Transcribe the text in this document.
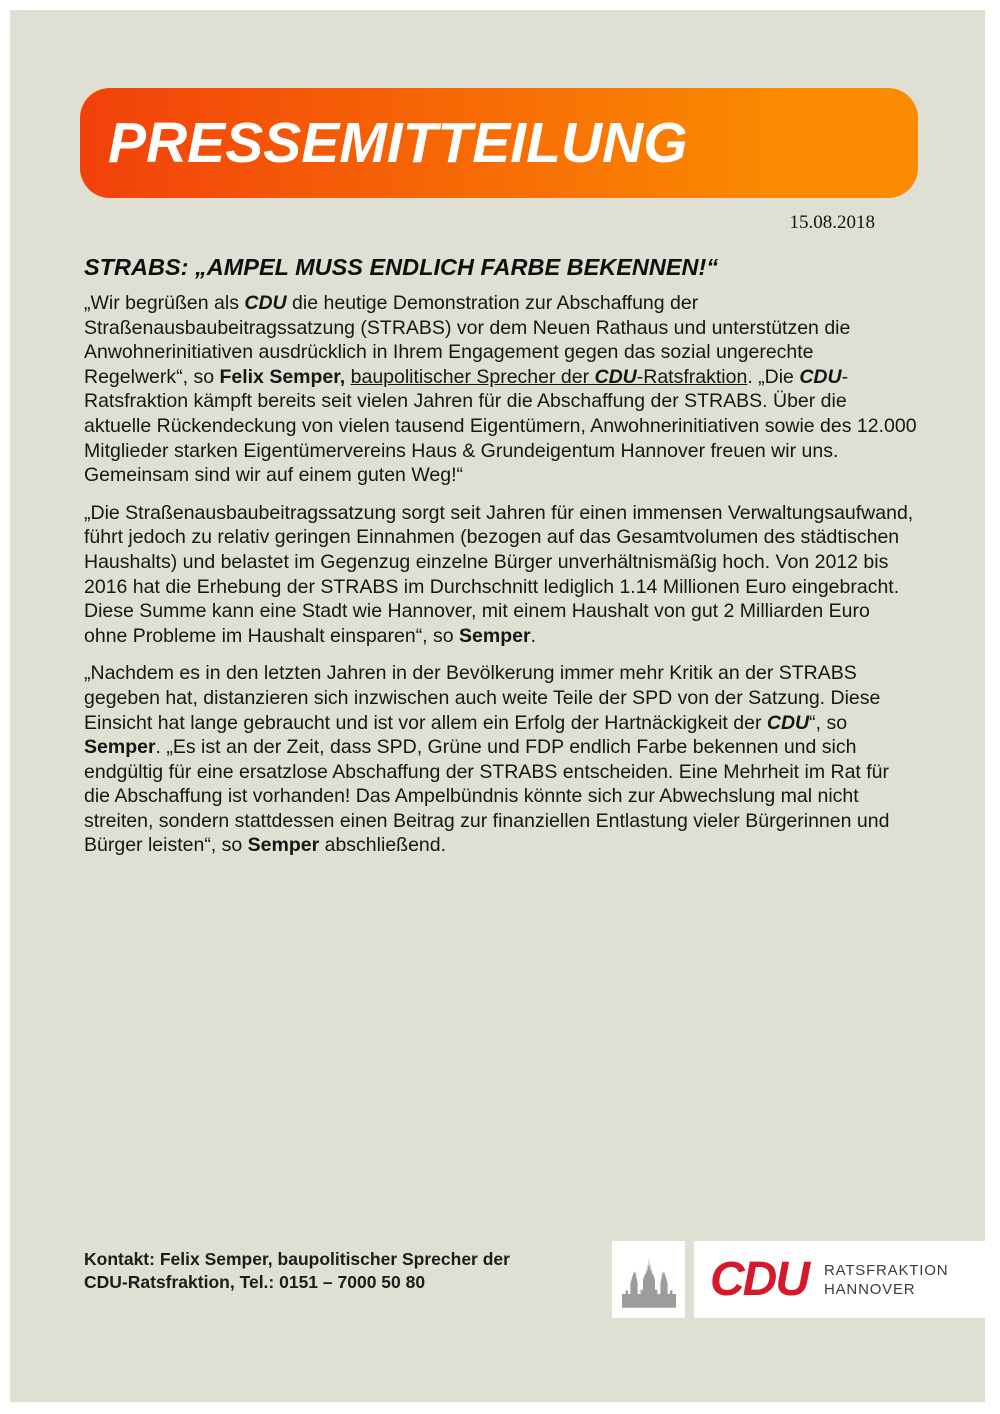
PRESSEMITTEILUNG
15.08.2018
STRABS: „AMPEL MUSS ENDLICH FARBE BEKENNEN!“

„Wir begrüßen als CDU die heutige Demonstration zur Abschaffung der Straßenausbaubeitragssatzung (STRABS) vor dem Neuen Rathaus und unterstützen die Anwohnerinitiativen ausdrücklich in Ihrem Engagement gegen das sozial ungerechte Regelwerk“, so Felix Semper, baupolitischer Sprecher der CDU-Ratsfraktion. „Die CDU-Ratsfraktion kämpft bereits seit vielen Jahren für die Abschaffung der STRABS. Über die aktuelle Rückendeckung von vielen tausend Eigentümern, Anwohnerinitiativen sowie des 12.000 Mitglieder starken Eigentümervereins Haus & Grundeigentum Hannover freuen wir uns. Gemeinsam sind wir auf einem guten Weg!“

„Die Straßenausbaubeitragssatzung sorgt seit Jahren für einen immensen Verwaltungsaufwand, führt jedoch zu relativ geringen Einnahmen (bezogen auf das Gesamtvolumen des städtischen Haushalts) und belastet im Gegenzug einzelne Bürger unverhältnismäßig hoch. Von 2012 bis 2016 hat die Erhebung der STRABS im Durchschnitt lediglich 1.14 Millionen Euro eingebracht. Diese Summe kann eine Stadt wie Hannover, mit einem Haushalt von gut 2 Milliarden Euro ohne Probleme im Haushalt einsparen“, so Semper.

„Nachdem es in den letzten Jahren in der Bevölkerung immer mehr Kritik an der STRABS gegeben hat, distanzieren sich inzwischen auch weite Teile der SPD von der Satzung. Diese Einsicht hat lange gebraucht und ist vor allem ein Erfolg der Hartnäckigkeit der CDU“, so Semper. „Es ist an der Zeit, dass SPD, Grüne und FDP endlich Farbe bekennen und sich endgültig für eine ersatzlose Abschaffung der STRABS entscheiden. Eine Mehrheit im Rat für die Abschaffung ist vorhanden! Das Ampelbündnis könnte sich zur Abwechslung mal nicht streiten, sondern stattdessen einen Beitrag zur finanziellen Entlastung vieler Bürgerinnen und Bürger leisten“, so Semper abschließend.

Kontakt: Felix Semper, baupolitischer Sprecher der
CDU-Ratsfraktion, Tel.: 0151 – 7000 50 80	CDU RATSFRAKTION
HANNOVER
